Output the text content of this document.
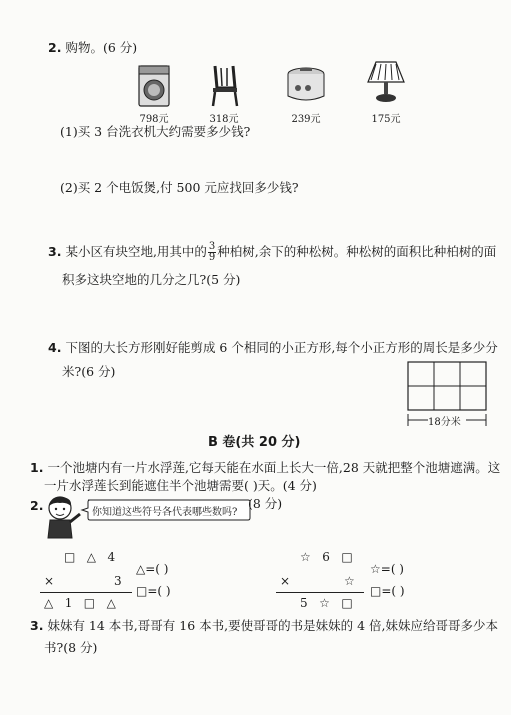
2. 购物。(6 分)
798元	318元	239元	175元
(1)买 3 台洗衣机大约需要多少钱?
(2)买 2 个电饭煲,付 500 元应找回多少钱?
3. 某小区有块空地,用其中的 $\frac{3}{9}$ 种柏树,余下的种松树。种松树的面积比种柏树的面
积多这块空地的几分之几?(5 分)
4. 下图的大长方形刚好能剪成 6 个相同的小正方形,每个小正方形的周长是多少分
米?(6 分)
18分米
B 卷(共 20 分)
1. 一个池塘内有一片水浮莲,它每天能在水面上长大一倍,28 天就把整个池塘遮满。这
一片水浮莲长到能遮住半个池塘需要( )天。(4 分)
2.	你知道这些符号各代表哪些数吗?
(8 分)
□ △ 4
×	3
△ 1 □ △
△=( )
□=( )
☆ 6 □
×	☆
5 ☆ □
☆=( )
□=( )
3. 妹妹有 14 本书,哥哥有 16 本书,要使哥哥的书是妹妹的 4 倍,妹妹应给哥哥多少本
书?(8 分)
